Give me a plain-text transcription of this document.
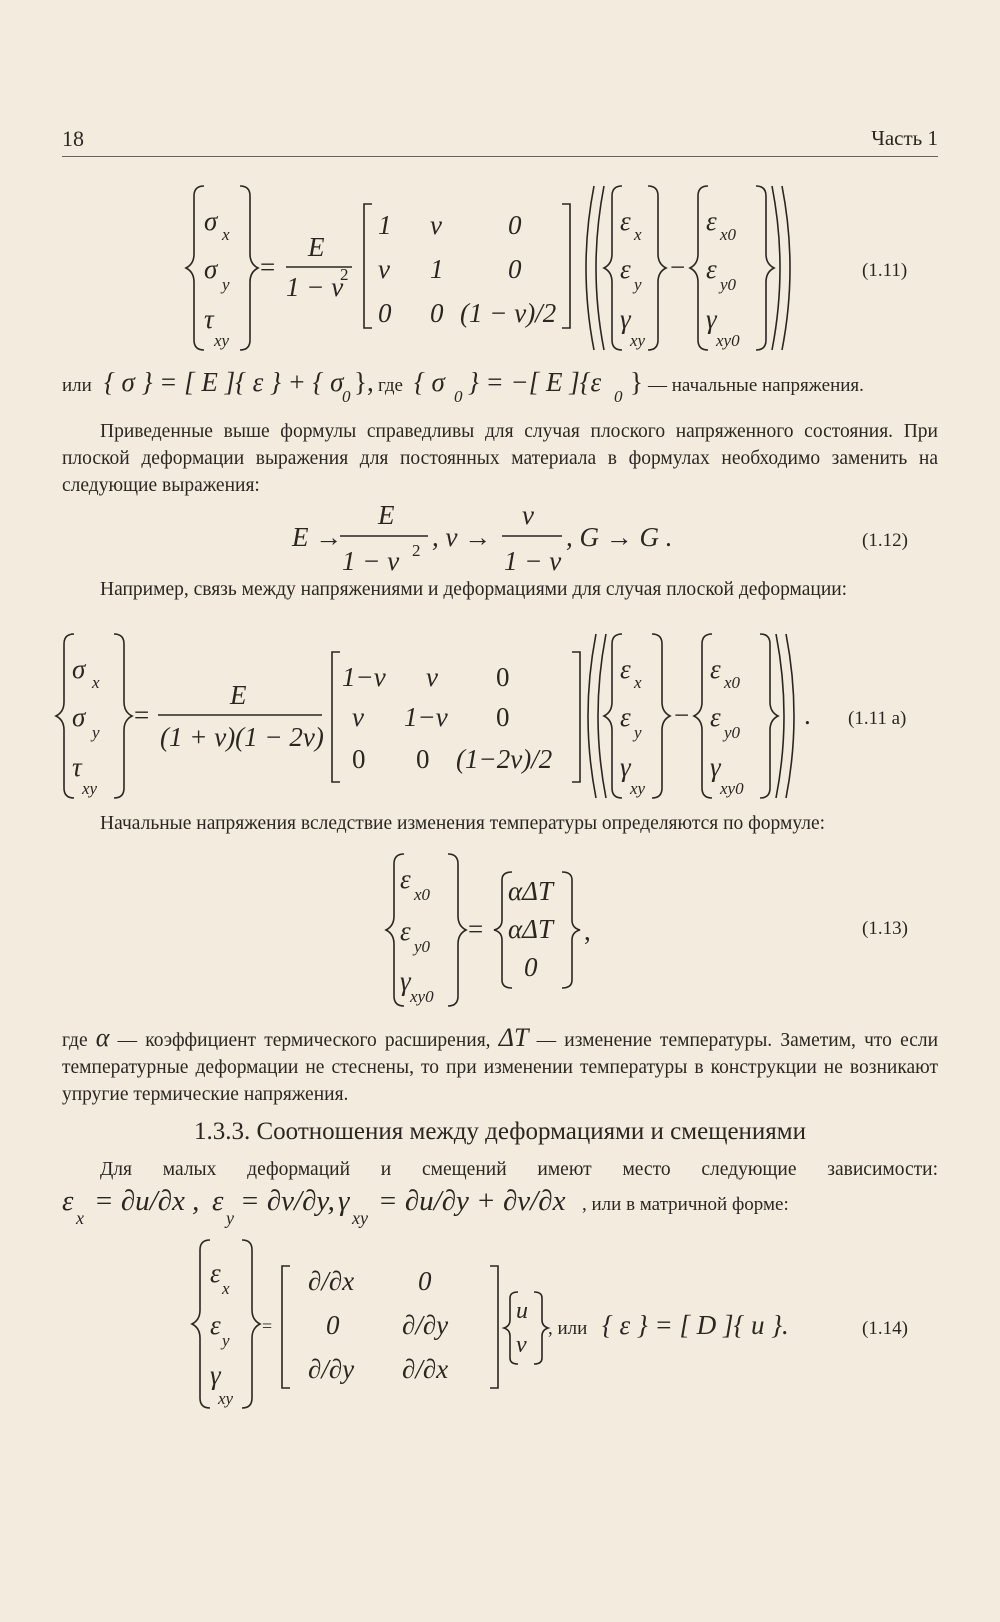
18	Часть 1
σ x
σ
y
τ
xy
=
E
1 − ν
2
1 ν 0
ν 1 0
0 0 (1 − ν)/2
ε x
ε
y
γ
xy
−
ε x0
ε
y0
γ
xy0
(1.11)
или { σ } = [ E ]{ ε } + { σ
0 }, где { σ 0 } = −[ E ]{ε 0 } — начальные напряжения.

Приведенные выше формулы справедливы для случая плоского напряженного состояния. При плоской деформации выражения для постоянных материала в формулах необходимо заменить на следующие выражения:

E →
E
1 − ν 2 , ν →
ν
1 − ν
, G → G .	(1.12)

Например, связь между напряжениями и деформациями для случая плоской деформации:

σ x
σ
y
τ
xy
=
E
(1 + ν)(1 − 2ν)
1−ν ν 0
ν 1−ν 0
0 0 (1−2ν)/2
ε x
ε
y
γ
xy
−
ε x0
ε
y0
γ
xy0
. (1.11 а)

Начальные напряжения вследствие изменения температуры определяются по формуле:

ε
x0
ε
y0
γ
xy0
=
αΔT
αΔT
0
,	(1.13)

где α — коэффициент термического расширения, ΔT — изменение температуры. Заметим, что если температурные деформации не стеснены, то при изменении температуры в конструкции не возникают упругие термические напряжения.

1.3.3. Соотношения между деформациями и смещениями

Для малых деформаций и смещений имеют место следующие зависимости:

ε
x
= ∂u/∂x , ε
y
= ∂v/∂y, γ
xy
= ∂u/∂y + ∂v/∂x , или в матричной форме:
ε
x
ε
y
γ
xy
=
∂/∂x 0
0 ∂/∂y
∂/∂y ∂/∂x
u
v
, или { ε } = [ D ]{ u }.	(1.14)
